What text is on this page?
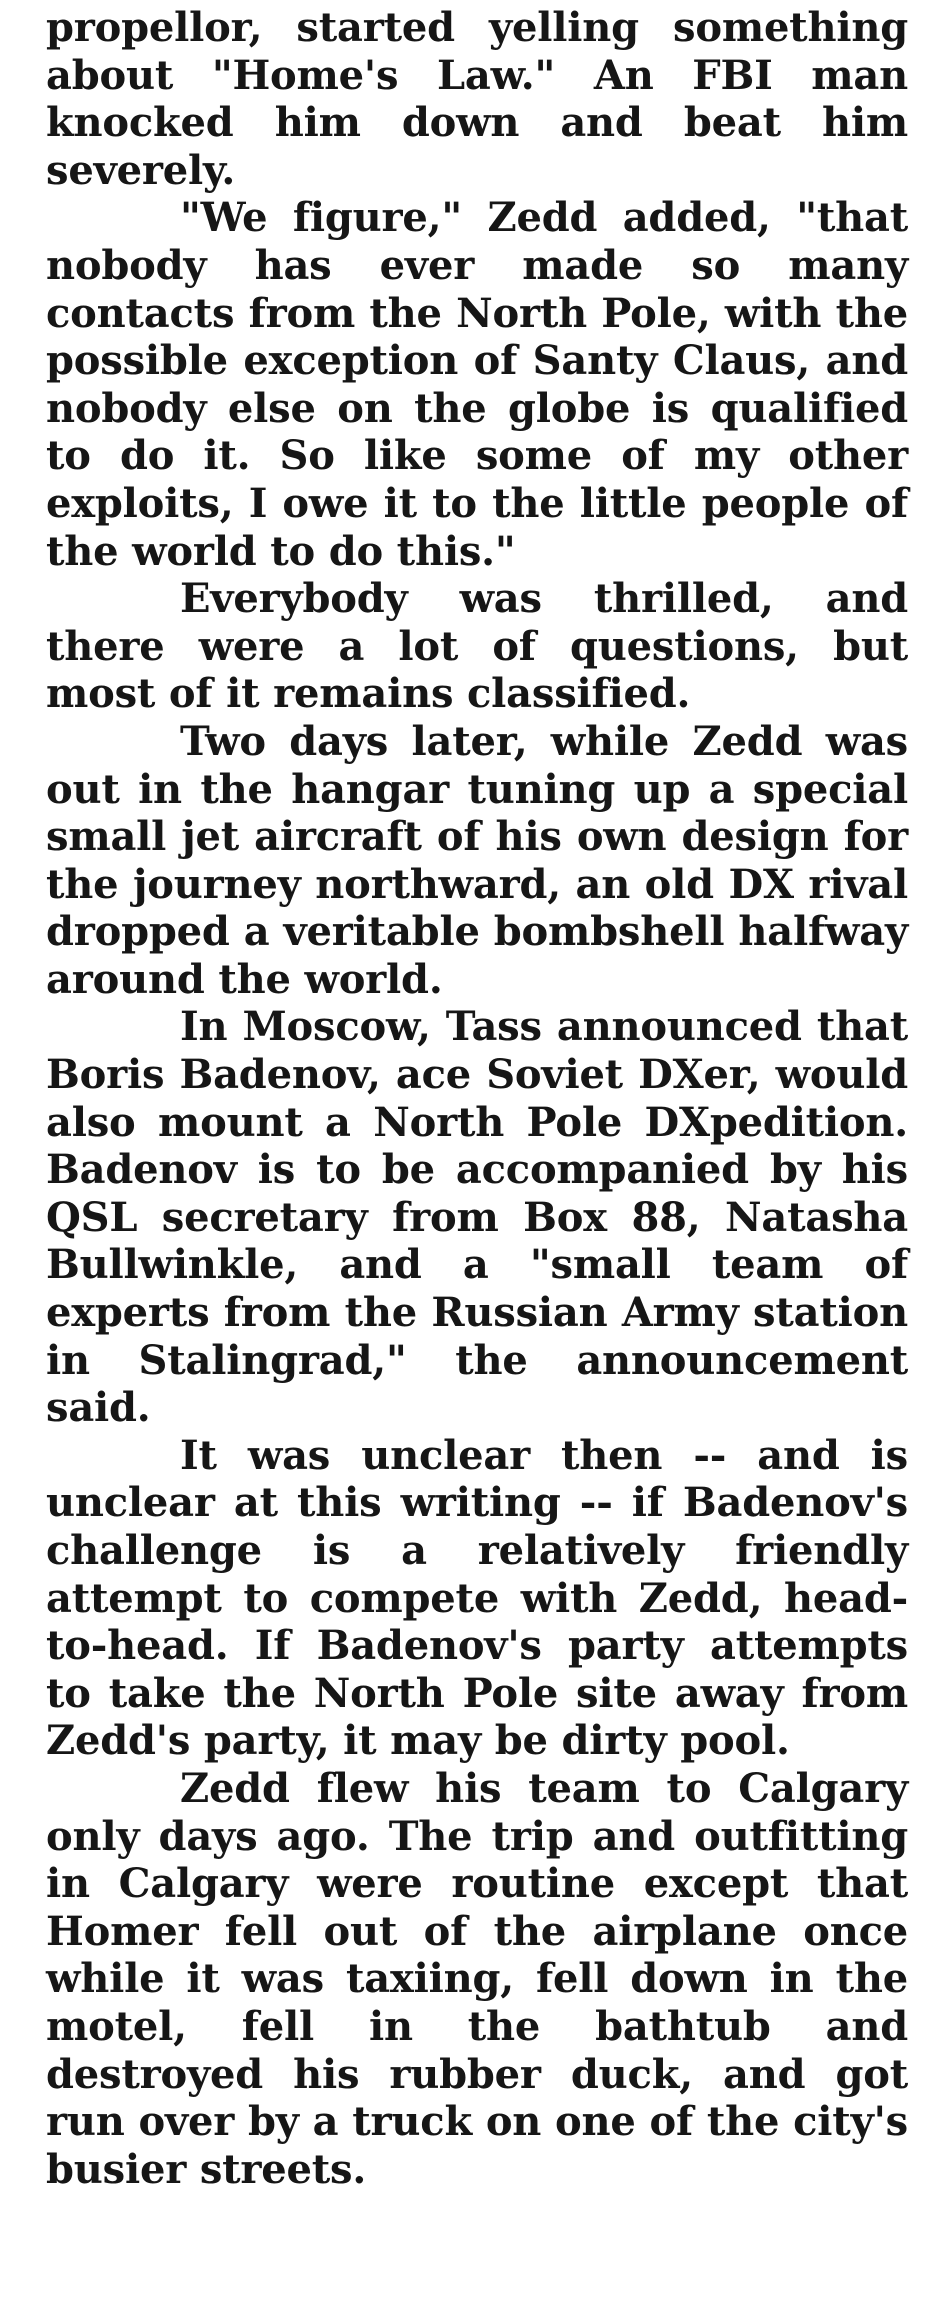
propellor, started yelling something about "Home's Law." An FBI man knocked him down and beat him severely.

"We figure," Zedd added, "that nobody has ever made so many contacts from the North Pole, with the possible exception of Santy Claus, and nobody else on the globe is qualified to do it. So like some of my other exploits, I owe it to the little people of the world to do this."

Everybody was thrilled, and there were a lot of questions, but most of it remains classified.

Two days later, while Zedd was out in the hangar tuning up a special small jet aircraft of his own design for the journey northward, an old DX rival dropped a veritable bombshell halfway around the world.

In Moscow, Tass announced that Boris Badenov, ace Soviet DXer, would also mount a North Pole DXpedition. Badenov is to be accompanied by his QSL secretary from Box 88, Natasha Bullwinkle, and a "small team of experts from the Russian Army station in Stalingrad," the announcement said.

It was unclear then -- and is unclear at this writing -- if Badenov's challenge is a relatively friendly attempt to compete with Zedd, head-to-head. If Badenov's party attempts to take the North Pole site away from Zedd's party, it may be dirty pool.

Zedd flew his team to Calgary only days ago. The trip and outfitting in Calgary were routine except that Homer fell out of the airplane once while it was taxiing, fell down in the motel, fell in the bathtub and destroyed his rubber duck, and got run over by a truck on one of the city's busier streets.
